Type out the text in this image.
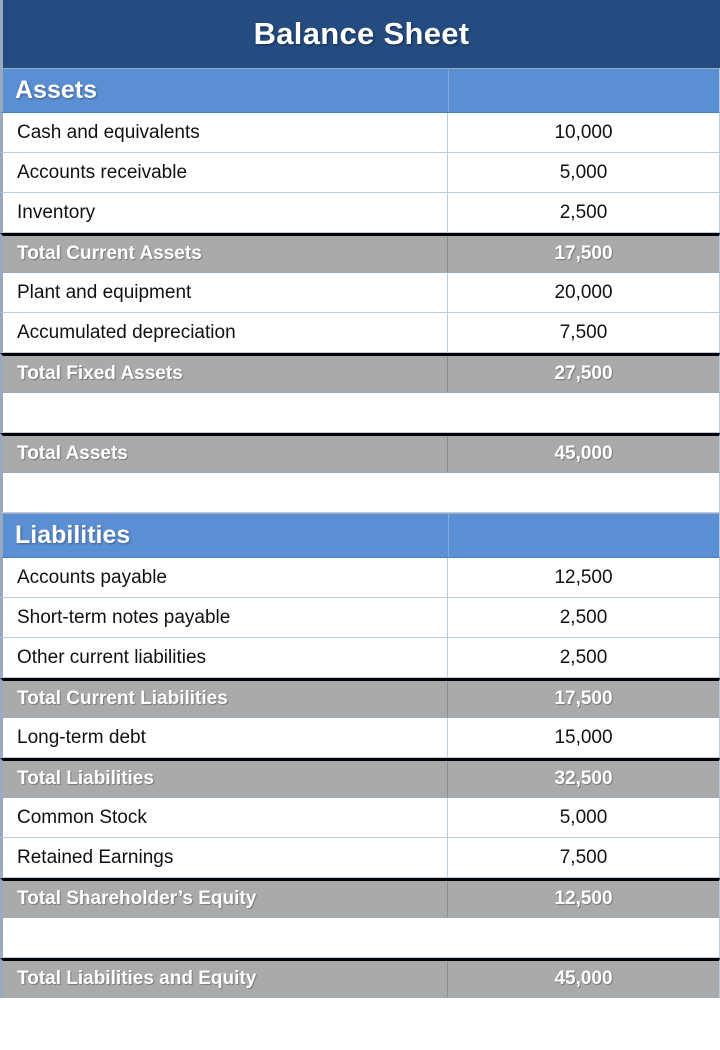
Balance Sheet
Assets
Cash and equivalents	10,000
Accounts receivable	5,000
Inventory	2,500
Total Current Assets	17,500
Plant and equipment	20,000
Accumulated depreciation	7,500
Total Fixed Assets	27,500
Total Assets	45,000
Liabilities
Accounts payable	12,500
Short-term notes payable	2,500
Other current liabilities	2,500
Total Current Liabilities	17,500
Long-term debt	15,000
Total Liabilities	32,500
Common Stock	5,000
Retained Earnings	7,500
Total Shareholder’s Equity	12,500
Total Liabilities and Equity	45,000
